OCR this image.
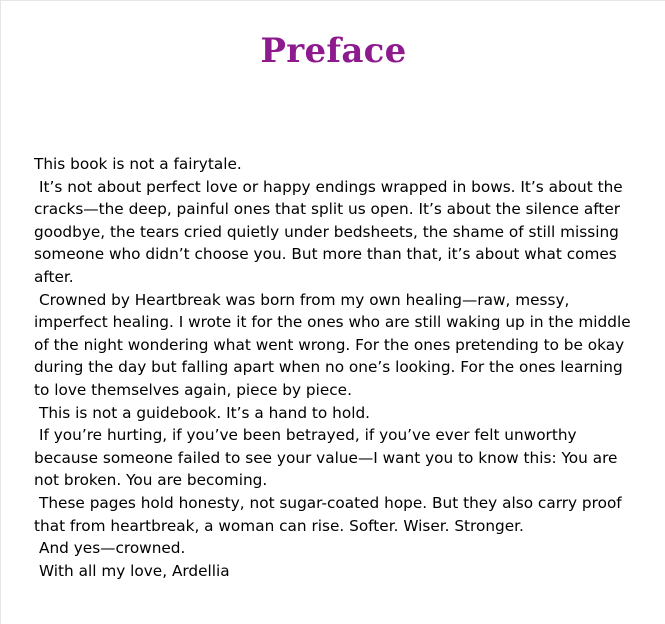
Preface

This book is not a fairytale.

It’s not about perfect love or happy endings wrapped in bows. It’s about the cracks—the deep, painful ones that split us open. It’s about the silence after goodbye, the tears cried quietly under bedsheets, the shame of still missing someone who didn’t choose you. But more than that, it’s about what comes after.

Crowned by Heartbreak was born from my own healing—raw, messy, imperfect healing. I wrote it for the ones who are still waking up in the middle of the night wondering what went wrong. For the ones pretending to be okay during the day but falling apart when no one’s looking. For the ones learning to love themselves again, piece by piece.

This is not a guidebook. It’s a hand to hold.

If you’re hurting, if you’ve been betrayed, if you’ve ever felt unworthy because someone failed to see your value—I want you to know this: You are not broken. You are becoming.

These pages hold honesty, not sugar-coated hope. But they also carry proof that from heartbreak, a woman can rise. Softer. Wiser. Stronger.

And yes—crowned.

With all my love, Ardellia
